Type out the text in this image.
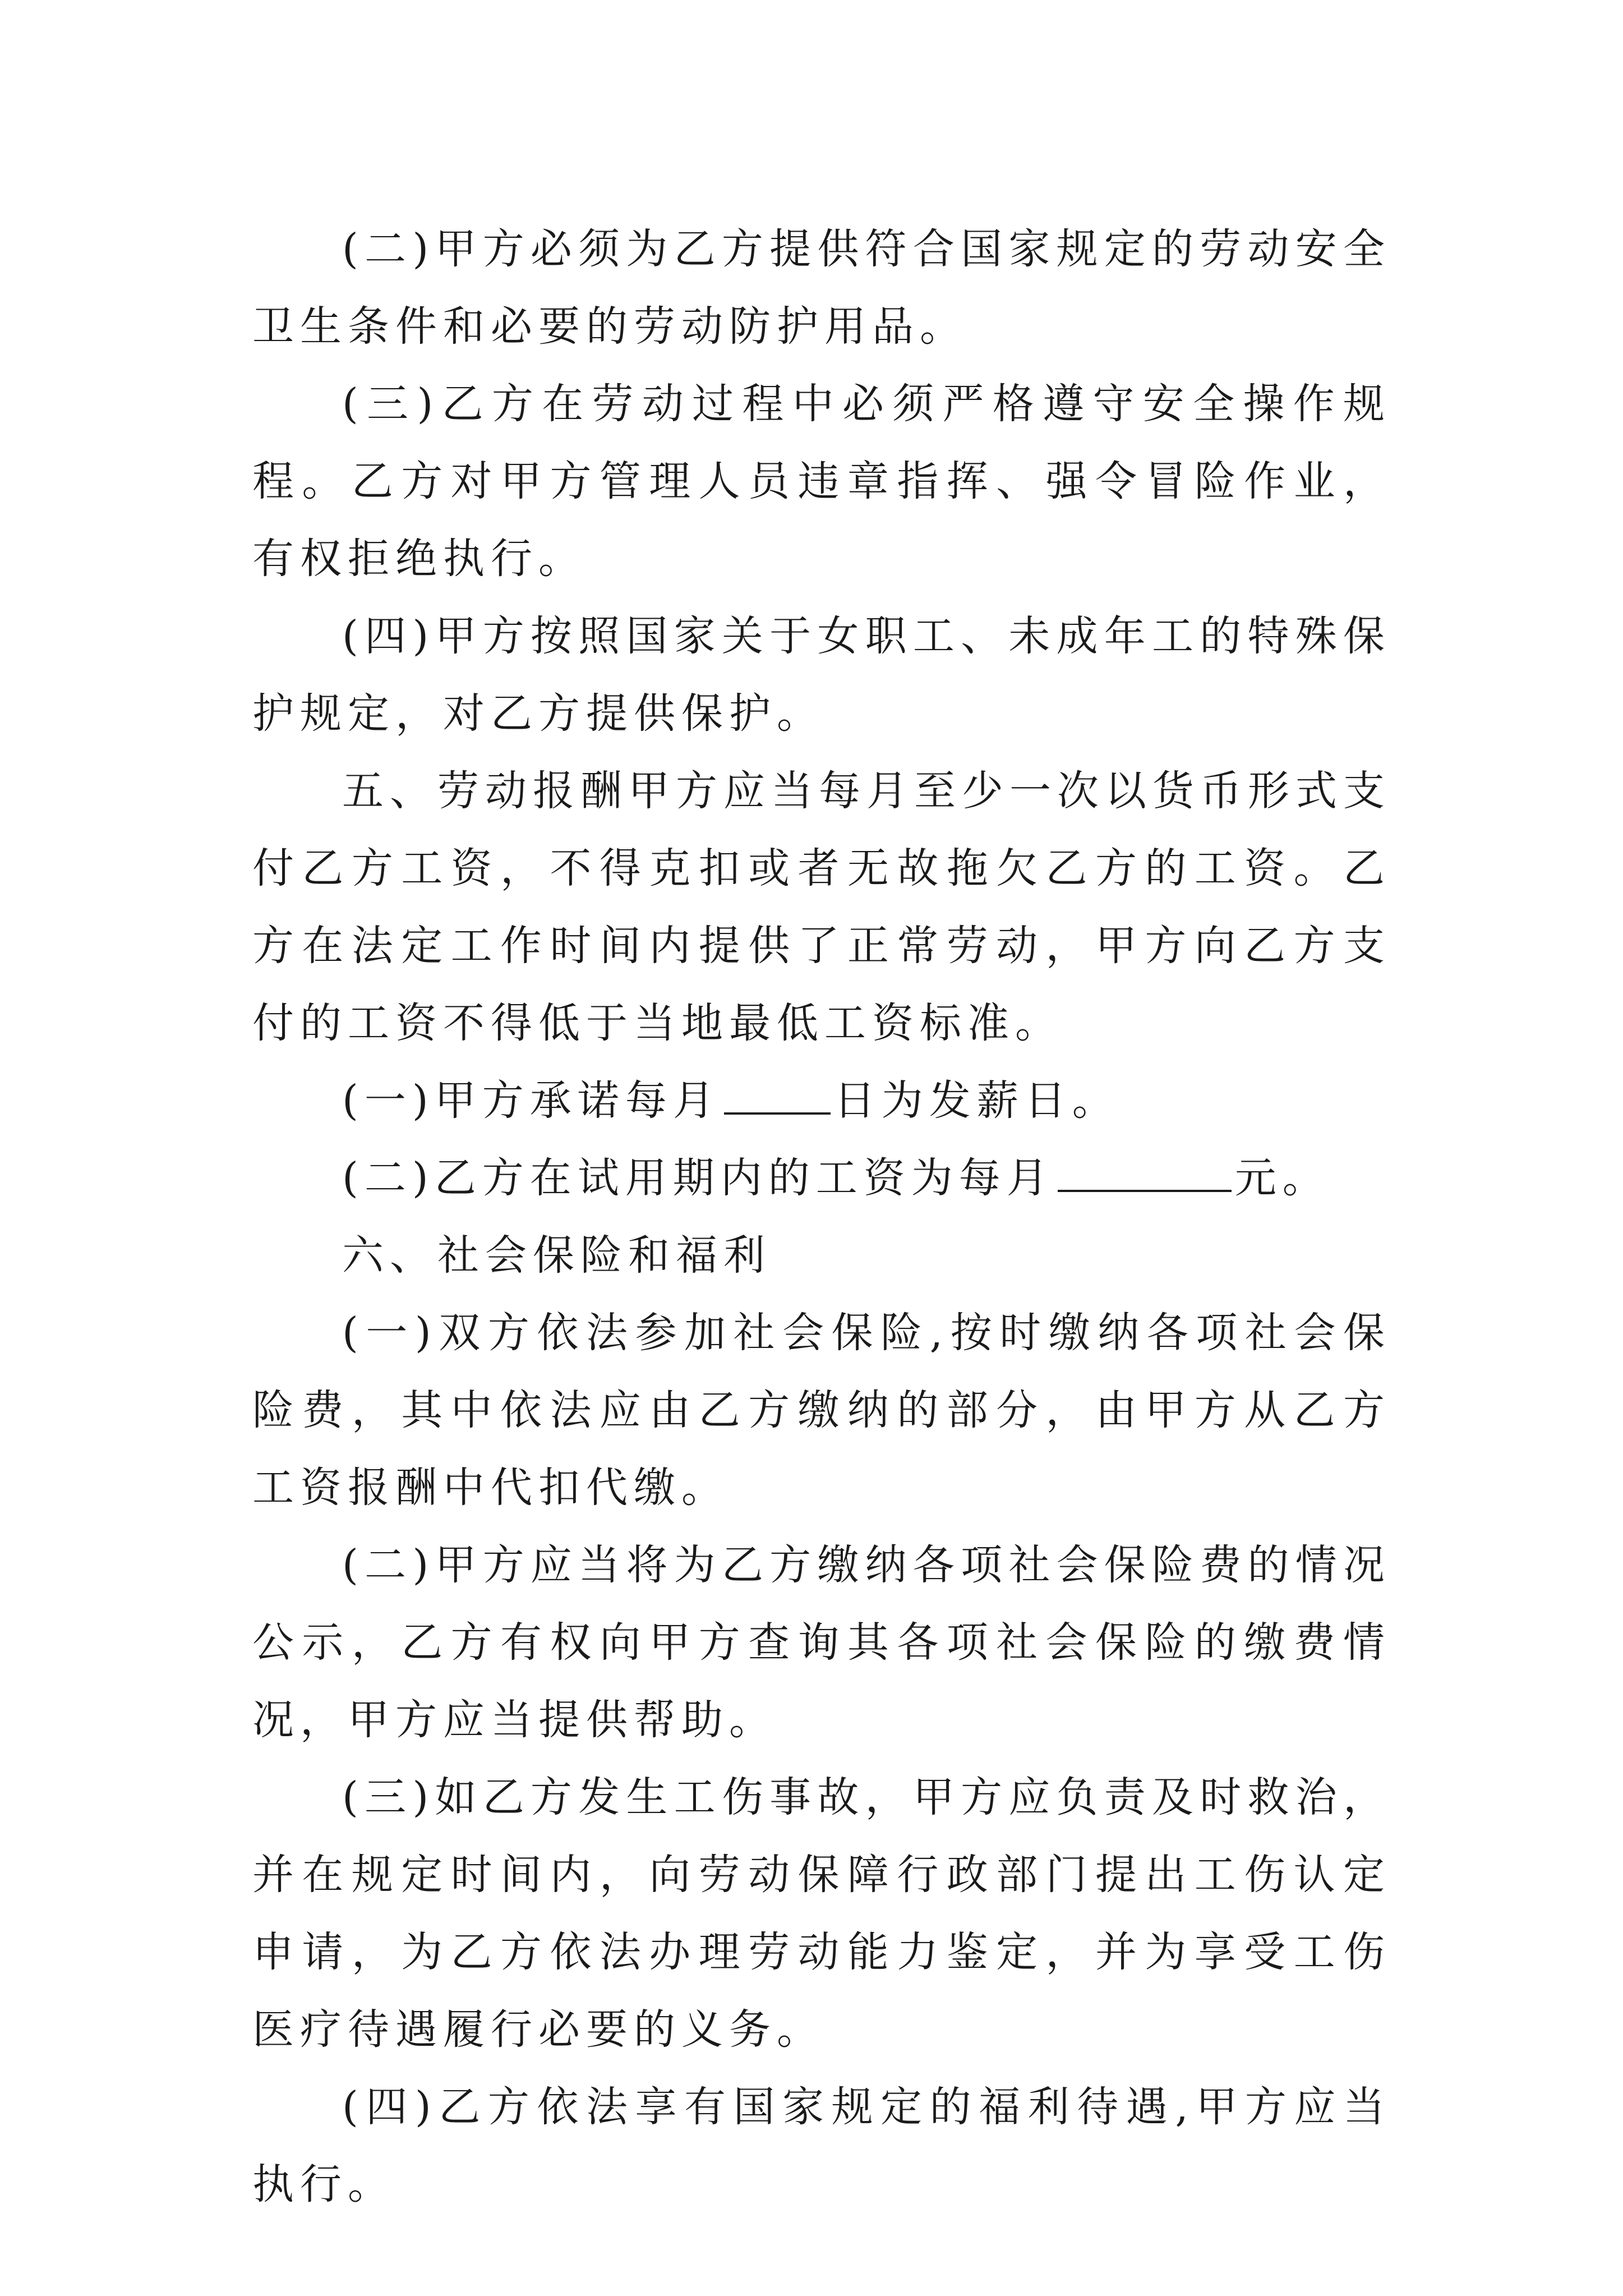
(二)甲方必须为乙方提供符合国家规定的劳动安全卫生条件和必要的劳动防护用品。

(三)乙方在劳动过程中必须严格遵守安全操作规程。乙方对甲方管理人员违章指挥、强令冒险作业，有权拒绝执行。

(四)甲方按照国家关于女职工、未成年工的特殊保护规定，对乙方提供保护。

五、劳动报酬甲方应当每月至少一次以货币形式支付乙方工资，不得克扣或者无故拖欠乙方的工资。乙方在法定工作时间内提供了正常劳动，甲方向乙方支付的工资不得低于当地最低工资标准。

(一)甲方承诺每月	日为发薪日。

(二)乙方在试用期内的工资为每月	元。

六、社会保险和福利

(一)双方依法参加社会保险,按时缴纳各项社会保险费，其中依法应由乙方缴纳的部分，由甲方从乙方工资报酬中代扣代缴。

(二)甲方应当将为乙方缴纳各项社会保险费的情况公示，乙方有权向甲方查询其各项社会保险的缴费情况，甲方应当提供帮助。

(三)如乙方发生工伤事故，甲方应负责及时救治，并在规定时间内，向劳动保障行政部门提出工伤认定申请，为乙方依法办理劳动能力鉴定，并为享受工伤医疗待遇履行必要的义务。

(四)乙方依法享有国家规定的福利待遇,甲方应当执行。
